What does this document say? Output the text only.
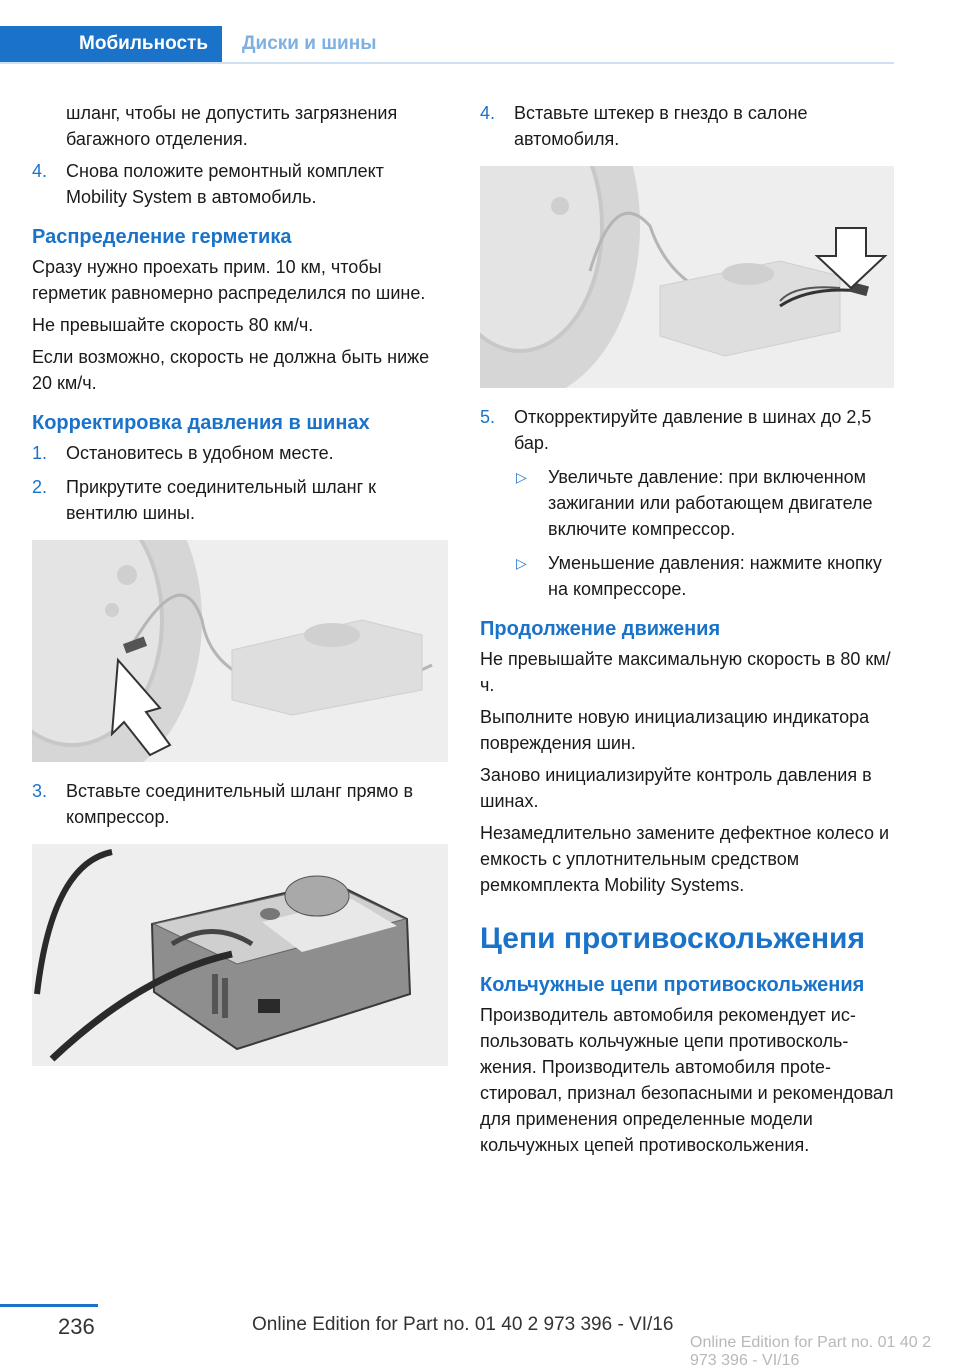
Мобильность	Диски и шины

шланг, чтобы не допустить загрязнения багажного отделения.

4. Снова положите ремонтный комплект Mobility System в автомобиль.
Распределение герметика

Сразу нужно проехать прим. 10 км, чтобы герметик равномерно распределился по шине.

Не превышайте скорость 80 км/ч.

Если возможно, скорость не должна быть ниже 20 км/ч.

Корректировка давления в шинах
1. Остановитесь в удобном месте.
2. Прикрутите соединительный шланг к вентилю шины.
3. Вставьте соединительный шланг прямо в компрессор.
4. Вставьте штекер в гнездо в салоне автомобиля.
5. Откорректируйте давление в шинах до 2,5 бар.
▷ Увеличьте давление: при включенном зажигании или работающем двигателе включите компрессор.
▷ Уменьшение давления: нажмите кнопку на компрессоре.
Продолжение движения

Не превышайте максимальную скорость в 80 км/ч.

Выполните новую инициализацию индикатора повреждения шин.

Заново инициализируйте контроль давления в шинах.

Незамедлительно замените дефектное колесо и емкость с уплотнительным средством ремкомплекта Mobility Systems.

Цепи противоскольжения
Кольчужные цепи противоскольжения

Производитель автомобиля рекомендует использовать кольчужные цепи противоскольжения. Производитель автомобиля прoteстировал, признал безопасными и рекомендовал для применения определенные модели кольчужных цепей противоскольжения.

236	Online Edition for Part no. 01 40 2 973 396 - VI/16
Online Edition for Part no. 01 40 2 973 396 - VI/16
